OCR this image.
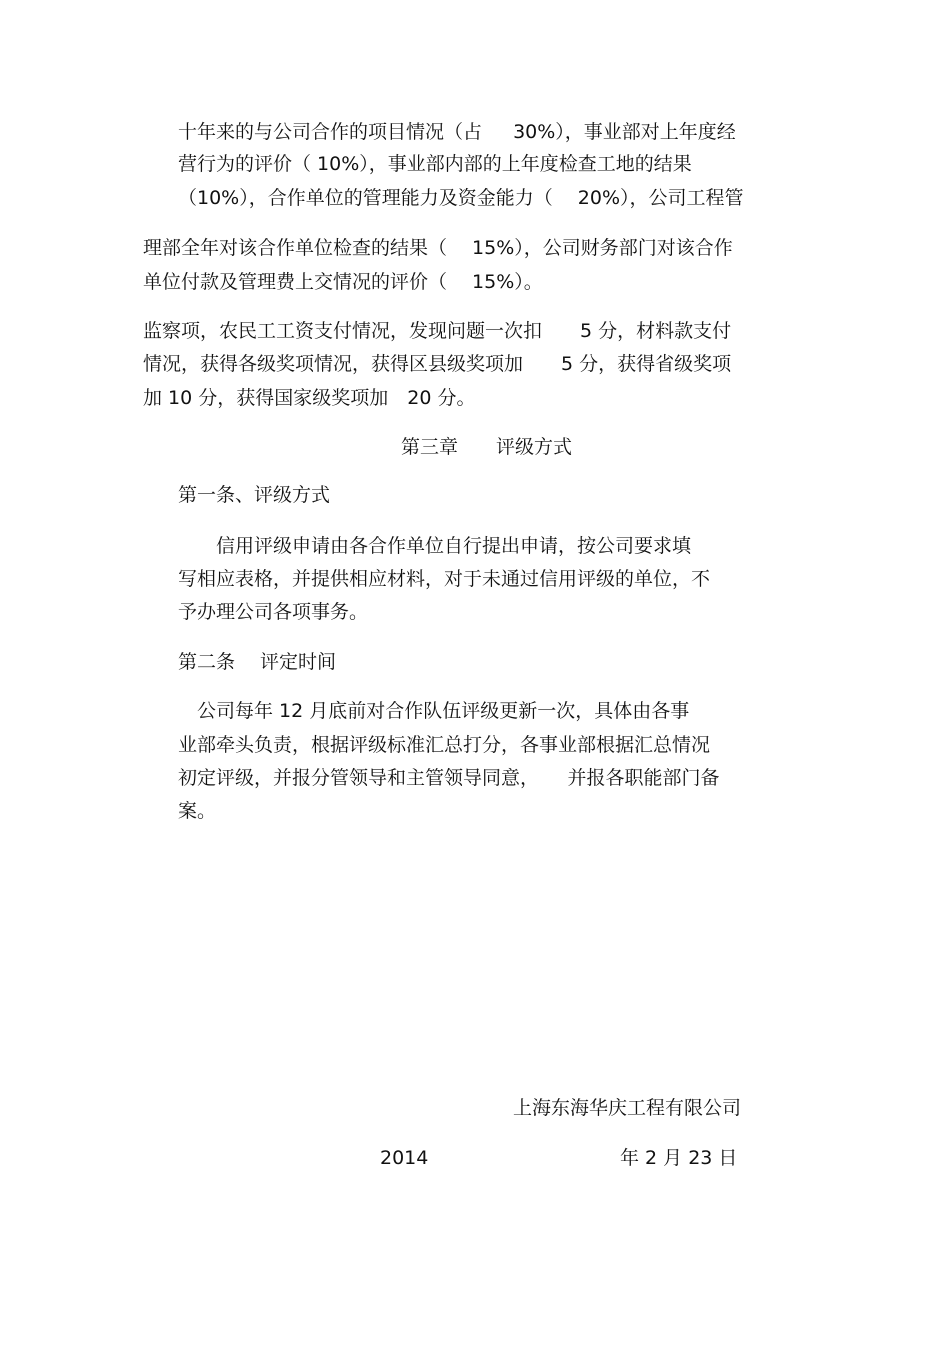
十年来的与公司合作的项目情况（占　  30%），事业部对上年度经
营行为的评价（ 10%），事业部内部的上年度检查工地的结果
（10%），合作单位的管理能力及资金能力（　 20%），公司工程管
理部全年对该合作单位检查的结果（　 15%），公司财务部门对该合作
单位付款及管理费上交情况的评价（　 15%）。
监察项，农民工工资支付情况，发现问题一次扣　　5 分，材料款支付
情况，获得各级奖项情况，获得区县级奖项加　　5 分，获得省级奖项
加 10 分，获得国家级奖项加　20 分。
第三章　　评级方式
第一条、评级方式
　　信用评级申请由各合作单位自行提出申请，按公司要求填
写相应表格，并提供相应材料，对于未通过信用评级的单位，不
予办理公司各项事务。
第二条　 评定时间
　公司每年 12 月底前对合作队伍评级更新一次，具体由各事
业部牵头负责，根据评级标准汇总打分，各事业部根据汇总情况
初定评级，并报分管领导和主管领导同意，　　并报各职能部门备
案。
上海东海华庆工程有限公司
2014	年 2 月 23 日
